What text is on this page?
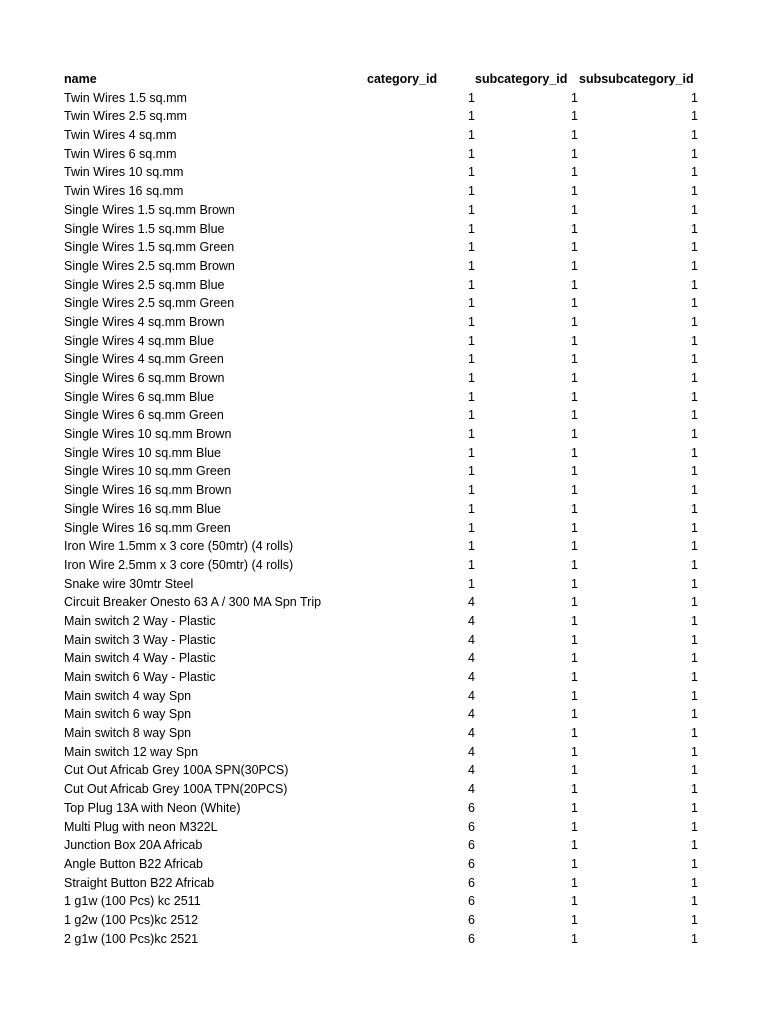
name	category_id	subcategory_id subsubcategory_id
Twin Wires 1.5 sq.mm	1	1	1
Twin Wires 2.5 sq.mm	1	1	1
Twin Wires 4 sq.mm	1	1	1
Twin Wires 6 sq.mm	1	1	1
Twin Wires 10 sq.mm	1	1	1
Twin Wires 16 sq.mm	1	1	1
Single Wires 1.5 sq.mm Brown	1	1	1
Single Wires 1.5 sq.mm Blue	1	1	1
Single Wires 1.5 sq.mm Green	1	1	1
Single Wires 2.5 sq.mm Brown	1	1	1
Single Wires 2.5 sq.mm Blue	1	1	1
Single Wires 2.5 sq.mm Green	1	1	1
Single Wires 4 sq.mm Brown	1	1	1
Single Wires 4 sq.mm Blue	1	1	1
Single Wires 4 sq.mm Green	1	1	1
Single Wires 6 sq.mm Brown	1	1	1
Single Wires 6 sq.mm Blue	1	1	1
Single Wires 6 sq.mm Green	1	1	1
Single Wires 10 sq.mm Brown	1	1	1
Single Wires 10 sq.mm Blue	1	1	1
Single Wires 10 sq.mm Green	1	1	1
Single Wires 16 sq.mm Brown	1	1	1
Single Wires 16 sq.mm Blue	1	1	1
Single Wires 16 sq.mm Green	1	1	1
Iron Wire 1.5mm x 3 core (50mtr) (4 rolls)	1	1	1
Iron Wire 2.5mm x 3 core (50mtr) (4 rolls)	1	1	1
Snake wire 30mtr Steel	1	1	1
Circuit Breaker Onesto 63 A / 300 MA Spn Trip	4	1	1
Main switch 2 Way - Plastic	4	1	1
Main switch 3 Way - Plastic	4	1	1
Main switch 4 Way - Plastic	4	1	1
Main switch 6 Way - Plastic	4	1	1
Main switch 4 way Spn	4	1	1
Main switch 6 way Spn	4	1	1
Main switch 8 way Spn	4	1	1
Main switch 12 way Spn	4	1	1
Cut Out Africab Grey 100A SPN(30PCS)	4	1	1
Cut Out Africab Grey 100A TPN(20PCS)	4	1	1
Top Plug 13A with Neon (White)	6	1	1
Multi Plug with neon M322L	6	1	1
Junction Box 20A Africab	6	1	1
Angle Button B22 Africab	6	1	1
Straight Button B22 Africab	6	1	1
1 g1w (100 Pcs) kc 2511	6	1	1
1 g2w (100 Pcs)kc 2512	6	1	1
2 g1w (100 Pcs)kc 2521	6	1	1
